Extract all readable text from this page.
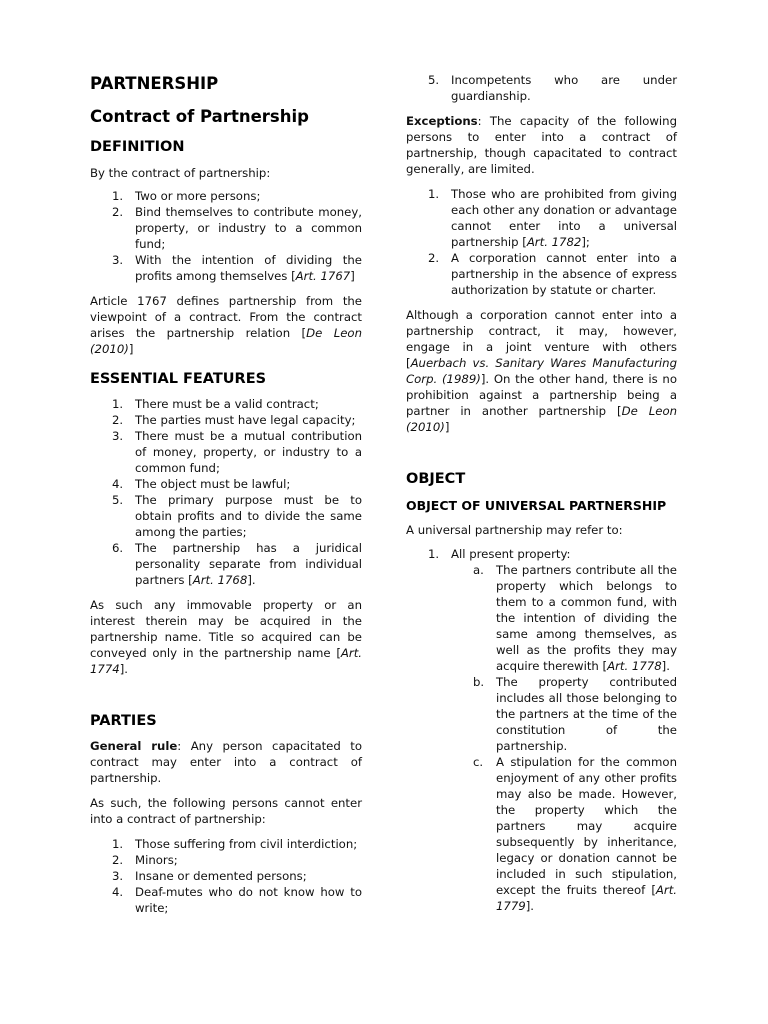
PARTNERSHIP
Contract of Partnership
DEFINITION

By the contract of partnership:

1. Two or more persons;
2. Bind themselves to contribute money, property, or industry to a common fund;
3. With the intention of dividing the profits among themselves [Art. 1767]

Article 1767 defines partnership from the viewpoint of a contract. From the contract arises the partnership relation [De Leon (2010)]

ESSENTIAL FEATURES
1. There must be a valid contract;
2. The parties must have legal capacity;
3. There must be a mutual contribution of money, property, or industry to a common fund;
4. The object must be lawful;
5. The primary purpose must be to obtain profits and to divide the same among the parties;
6. The partnership has a juridical personality separate from individual partners [Art. 1768].

As such any immovable property or an interest therein may be acquired in the partnership name. Title so acquired can be conveyed only in the partnership name [Art. 1774].

PARTIES

General rule: Any person capacitated to contract may enter into a contract of partnership.

As such, the following persons cannot enter into a contract of partnership:

1. Those suffering from civil interdiction;
2. Minors;
3. Insane or demented persons;
4. Deaf-mutes who do not know how to write;
5. Incompetents who are under guardianship.

Exceptions: The capacity of the following persons to enter into a contract of partnership, though capacitated to contract generally, are limited.

1. Those who are prohibited from giving each other any donation or advantage cannot enter into a universal partnership [Art. 1782];
2. A corporation cannot enter into a partnership in the absence of express authorization by statute or charter.

Although a corporation cannot enter into a partnership contract, it may, however, engage in a joint venture with others [Auerbach vs. Sanitary Wares Manufacturing Corp. (1989)]. On the other hand, there is no prohibition against a partnership being a partner in another partnership [De Leon (2010)]

OBJECT
OBJECT OF UNIVERSAL PARTNERSHIP

A universal partnership may refer to:

1. All present property:
a. The partners contribute all the property which belongs to them to a common fund, with the intention of dividing the same among themselves, as well as the profits they may acquire therewith [Art. 1778].
b. The property contributed includes all those belonging to the partners at the time of the constitution of the partnership.
c. A stipulation for the common enjoyment of any other profits may also be made. However, the property which the partners may acquire subsequently by inheritance, legacy or donation cannot be included in such stipulation, except the fruits thereof [Art. 1779].
